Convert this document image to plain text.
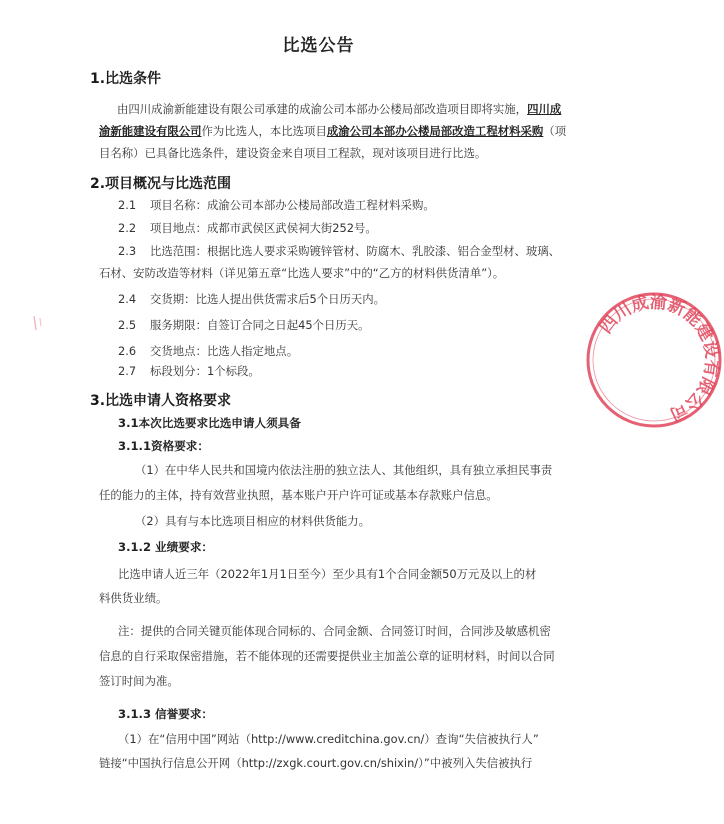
比选公告
1.比选条件
由四川成渝新能建设有限公司承建的成渝公司本部办公楼局部改造项目即将实施，四川成渝新能建设有限公司作为比选人，本比选项目成渝公司本部办公楼局部改造工程材料采购（项目名称）已具备比选条件，建设资金来自项目工程款，现对该项目进行比选。
2.项目概况与比选范围
2.1 项目名称：成渝公司本部办公楼局部改造工程材料采购。
2.2 项目地点：成都市武侯区武侯祠大街252号。
2.3 比选范围：根据比选人要求采购镀锌管材、防腐木、乳胶漆、铝合金型材、玻璃、
石材、安防改造等材料（详见第五章“比选人要求”中的“乙方的材料供货清单”）。
2.4 交货期：比选人提出供货需求后5个日历天内。
2.5 服务期限：自签订合同之日起45个日历天。
2.6 交货地点：比选人指定地点。
2.7 标段划分：1个标段。
3.比选申请人资格要求
3.1本次比选要求比选申请人须具备
3.1.1资格要求：
（1）在中华人民共和国境内依法注册的独立法人、其他组织，具有独立承担民事责
任的能力的主体，持有效营业执照，基本账户开户许可证或基本存款账户信息。
（2）具有与本比选项目相应的材料供货能力。
3.1.2 业绩要求：
比选申请人近三年（2022年1月1日至今）至少具有1个合同金额50万元及以上的材
料供货业绩。
注：提供的合同关键页能体现合同标的、合同金额、合同签订时间，合同涉及敏感机密
信息的自行采取保密措施，若不能体现的还需要提供业主加盖公章的证明材料，时间以合同
签订时间为准。
3.1.3 信誉要求：
（1）在“信用中国”网站（http://www.creditchina.gov.cn/）查询“失信被执行人”
链接“中国执行信息公开网（http://zxgk.court.gov.cn/shixin/）”中被列入失信被执行
四川成渝新能建设有限公司
